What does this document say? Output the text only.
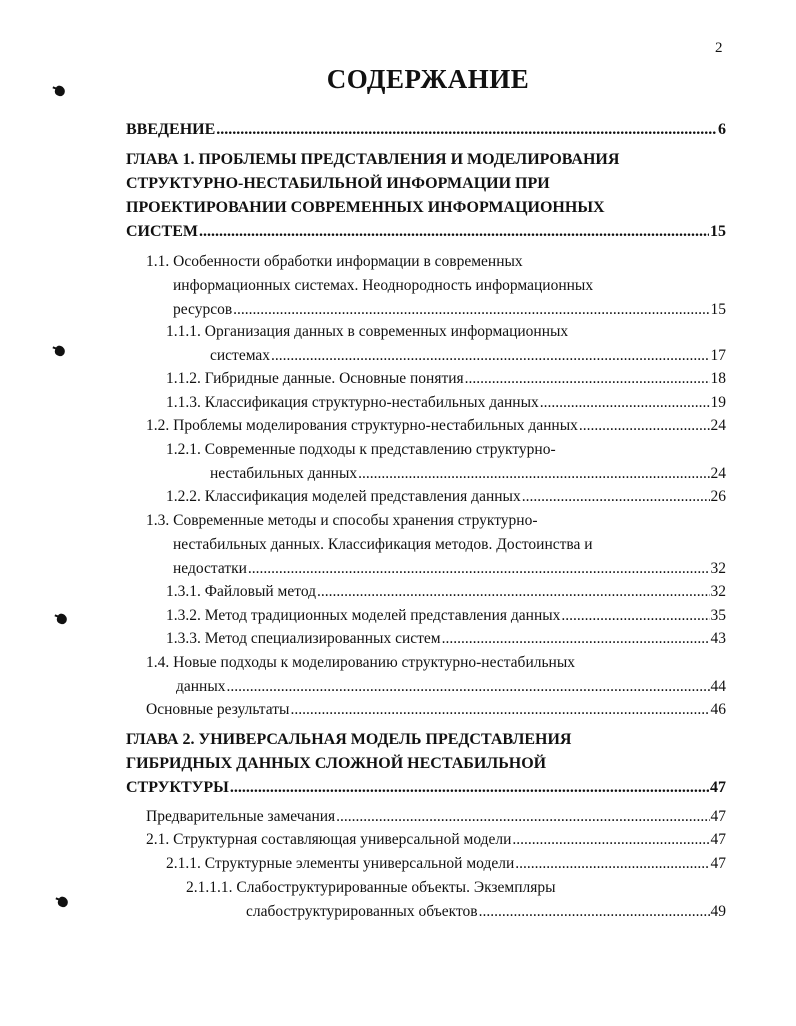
2
СОДЕРЖАНИЕ
ВВЕДЕНИЕ .....	6
ГЛАВА 1. ПРОБЛЕМЫ ПРЕДСТАВЛЕНИЯ И МОДЕЛИРОВАНИЯ
СТРУКТУРНО-НЕСТАБИЛЬНОЙ ИНФОРМАЦИИ ПРИ
ПРОЕКТИРОВАНИИ СОВРЕМЕННЫХ ИНФОРМАЦИОННЫХ
СИСТЕМ .....	15
1.1. Особенности обработки информации в современных
информационных системах. Неоднородность информационных
ресурсов .....	15
1.1.1. Организация данных в современных информационных
системах .....	17
1.1.2. Гибридные данные. Основные понятия .....	18
1.1.3. Классификация структурно-нестабильных данных .....	19
1.2. Проблемы моделирования структурно-нестабильных данных .....	24
1.2.1. Современные подходы к представлению структурно-
нестабильных данных .....	24
1.2.2. Классификация моделей представления данных .....	26
1.3. Современные методы и способы хранения структурно-
нестабильных данных. Классификация методов. Достоинства и
недостатки .....	32
1.3.1. Файловый метод .....	32
1.3.2. Метод традиционных моделей представления данных .....	35
1.3.3. Метод специализированных систем .....	43
1.4. Новые подходы к моделированию структурно-нестабильных
данных .....	44
Основные результаты .....	46
ГЛАВА 2. УНИВЕРСАЛЬНАЯ МОДЕЛЬ ПРЕДСТАВЛЕНИЯ
ГИБРИДНЫХ ДАННЫХ СЛОЖНОЙ НЕСТАБИЛЬНОЙ
СТРУКТУРЫ .....	47
Предварительные замечания .....	47
2.1. Структурная составляющая универсальной модели .....	47
2.1.1. Структурные элементы универсальной модели .....	47
2.1.1.1. Слабоструктурированные объекты. Экземпляры
слабоструктурированных объектов .....	49
